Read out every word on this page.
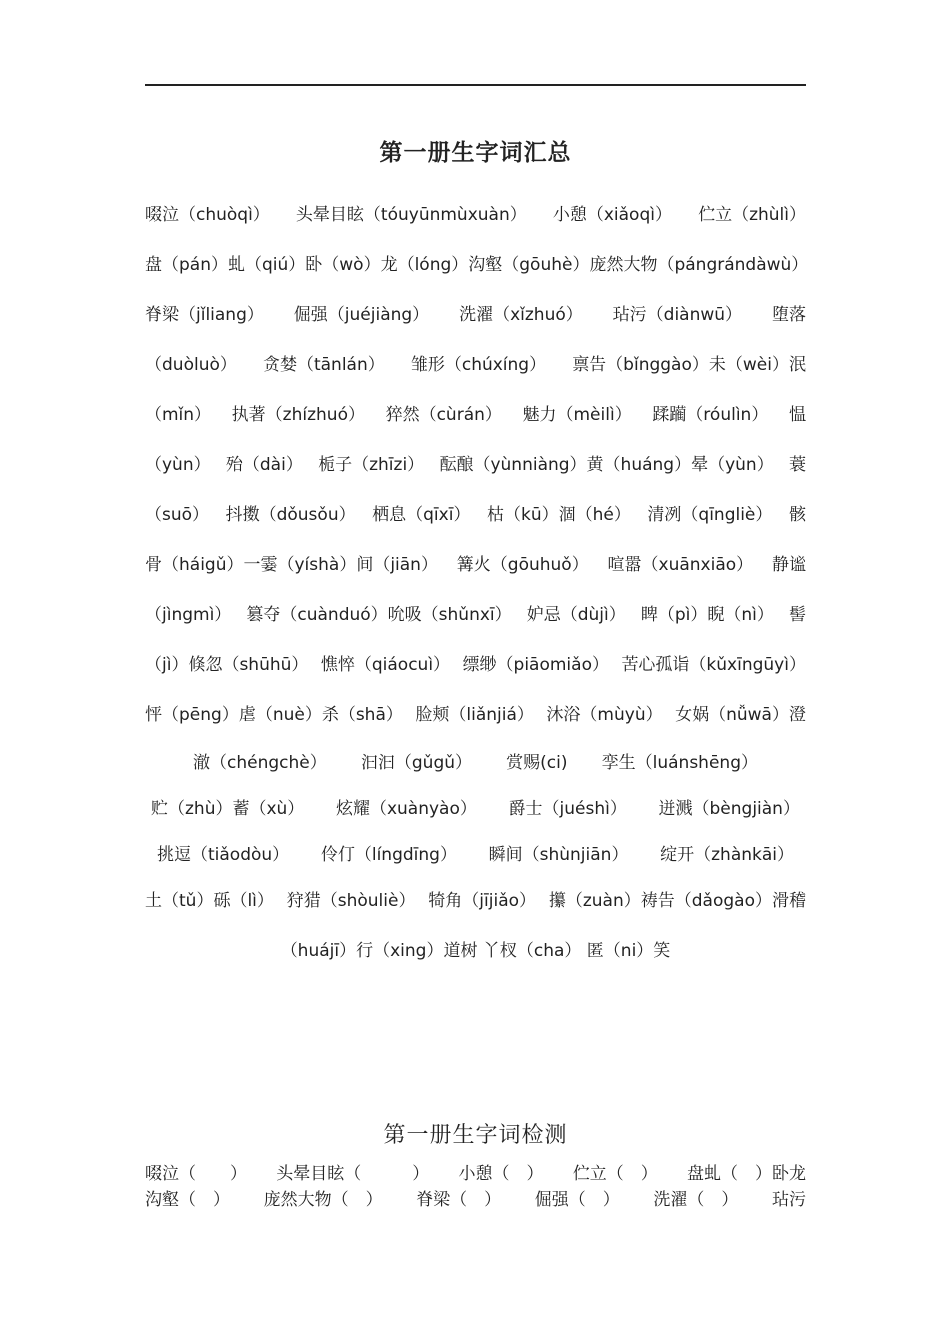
第一册生字词汇总
啜泣（chuòqì） 头晕目眩（tóuyūnmùxuàn） 小憩（xiǎoqì） 伫立（zhùlì）
盘（pán）虬（qiú）卧（wò）龙（lóng） 沟壑（gōuhè） 庞然大物（pángrándàwù）
脊梁（jǐliang） 倔强（juéjiàng） 洗濯（xǐzhuó） 玷污（diànwū） 堕落
（duòluò） 贪婪（tānlán） 雏形（chúxíng） 禀告（bǐnggào）未（wèi）泯
（mǐn） 执著（zhízhuó） 猝然（cùrán） 魅力（mèilì） 蹂躏（róulìn） 愠
（yùn） 殆（dài） 栀子（zhīzi） 酝酿（yùnniàng）黄（huáng）晕（yùn） 蓑
（suō） 抖擞（dǒusǒu） 栖息（qīxī） 枯（kū）涸（hé） 清冽（qīngliè） 骸
骨（háigǔ）一霎（yíshà）间（jiān） 篝火（gōuhuǒ） 喧嚣（xuānxiāo） 静谧
（jìngmì） 篡夺（cuànduó）吮吸（shǔnxī） 妒忌（dùjì） 睥（pì）睨（nì） 髻
（jì）倏忽（shūhū） 憔悴（qiáocuì） 缥缈（piāomiǎo） 苦心孤诣（kǔxīngūyì）
怦（pēng）虐（nuè）杀（shā） 脸颊（liǎnjiá） 沐浴（mùyù） 女娲（nǚwā）澄
澈（chéngchè） 汩汩（gǔgǔ） 赏赐(ci) 孪生（luánshēng）
贮（zhù）蓄（xù） 炫耀（xuànyào） 爵士（juéshì） 迸溅（bèngjiàn）
挑逗（tiǎodòu） 伶仃（língdīng） 瞬间（shùnjiān） 绽开（zhànkāi）
土（tǔ）砾（lì） 狩猎（shòuliè） 犄角（jījiǎo） 攥（zuàn）祷告（dǎogào）滑稽
（huájī）行（xing）道树 丫杈（cha） 匿（ni）笑
第一册生字词检测
啜泣（　　） 头晕目眩（　　　） 小憩（　） 伫立（　） 盘虬（　）卧龙
沟壑（　） 庞然大物（　） 脊梁（　） 倔强（　） 洗濯（　） 玷污
